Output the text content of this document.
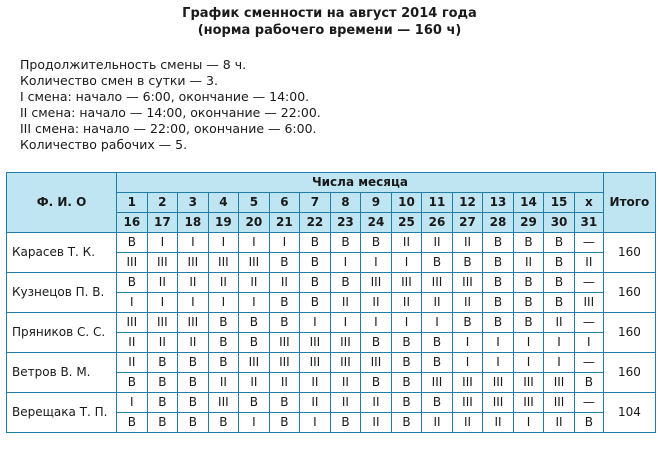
График сменности на август 2014 года
(норма рабочего времени — 160 ч)
Продолжительность смены — 8 ч.
Количество смен в сутки — 3.
I смена: начало — 6:00, окончание — 14:00.
II смена: начало — 14:00, окончание — 22:00.
III смена: начало — 22:00, окончание — 6:00.
Количество рабочих — 5.
Ф. И. О	Числа месяца																Итого
	1	2	3	4	5	6	7	8	9	10	11	12	13	14	15	x	
	16	17	18	19	20	21	22	23	24	25	26	27	28	29	30	31	
Карасев Т. К.	В	I	I	I	I	I	В	В	В	II	II	II	В	В	В	—	160
	III	III	III	III	III	В	В	I	I	I	В	В	В	II	В	II	
Кузнецов П. В.	В	II	II	II	II	II	В	В	III	III	III	III	В	В	В	—	160
	I	I	I	I	I	В	В	II	II	II	II	II	В	В	В	III	
Пряников С. С.	III	III	III	В	В	В	I	I	I	I	I	В	В	В	II	—	160
	II	II	II	В	В	III	III	III	В	В	В	I	I	I	I	I	
Ветров В. М.	II	В	В	В	III	III	III	III	III	В	В	I	I	I	I	—	160
	В	В	В	II	II	II	II	II	В	В	III	III	III	III	III	В	
Верещака Т. П.	I	В	В	III	В	В	II	II	II	В	В	III	III	III	III	—	104
	В	В	В	В	I	В	I	В	II	В	II	II	II	I	II	В	
